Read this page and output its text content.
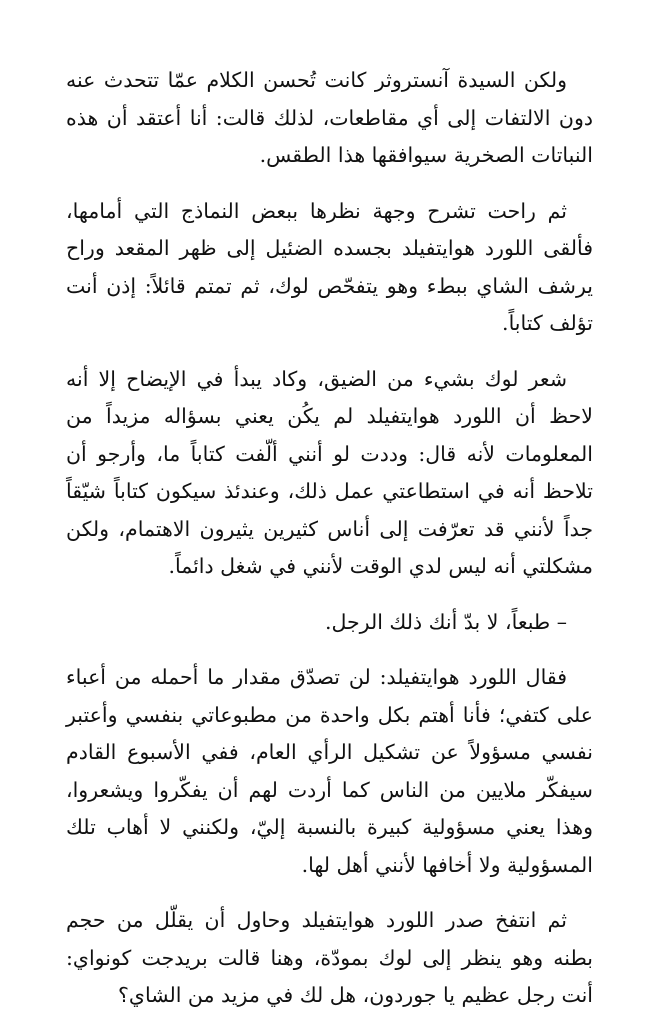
ولكن السيدة آنستروثر كانت تُحسن الكلام عمّا تتحدث عنه دون الالتفات إلى أي مقاطعات، لذلك قالت: أنا أعتقد أن هذه النباتات الصخرية سيوافقها هذا الطقس.

ثم راحت تشرح وجهة نظرها ببعض النماذج التي أمامها، فألقى اللورد هوايتفيلد بجسده الضئيل إلى ظهر المقعد وراح يرشف الشاي ببطء وهو يتفحّص لوك، ثم تمتم قائلاً: إذن أنت تؤلف كتاباً.

شعر لوك بشيء من الضيق، وكاد يبدأ في الإيضاح إلا أنه لاحظ أن اللورد هوايتفيلد لم يكُن يعني بسؤاله مزيداً من المعلومات لأنه قال: وددت لو أنني ألّفت كتاباً ما، وأرجو أن تلاحظ أنه في استطاعتي عمل ذلك، وعندئذ سيكون كتاباً شيّقاً جداً لأنني قد تعرّفت إلى أناس كثيرين يثيرون الاهتمام، ولكن مشكلتي أنه ليس لدي الوقت لأنني في شغل دائماً.

– طبعاً، لا بدّ أنك ذلك الرجل.

فقال اللورد هوايتفيلد: لن تصدّق مقدار ما أحمله من أعباء على كتفي؛ فأنا أهتم بكل واحدة من مطبوعاتي بنفسي وأعتبر نفسي مسؤولاً عن تشكيل الرأي العام، ففي الأسبوع القادم سيفكّر ملايين من الناس كما أردت لهم أن يفكّروا ويشعروا، وهذا يعني مسؤولية كبيرة بالنسبة إليّ، ولكنني لا أهاب تلك المسؤولية ولا أخافها لأنني أهل لها.

ثم انتفخ صدر اللورد هوايتفيلد وحاول أن يقلّل من حجم بطنه وهو ينظر إلى لوك بمودّة، وهنا قالت بريدجت كونواي: أنت رجل عظيم يا جوردون، هل لك في مزيد من الشاي؟
